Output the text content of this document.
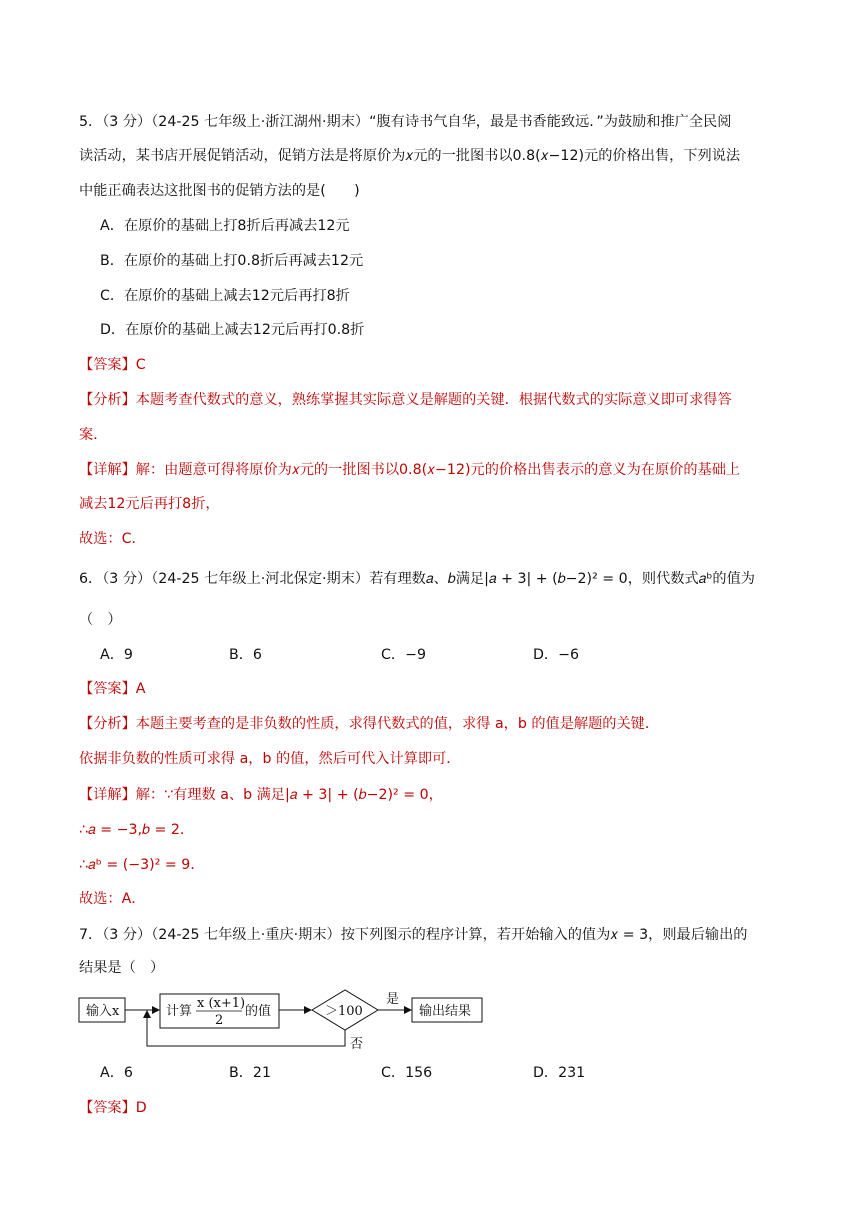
5．（3 分）（24-25 七年级上·浙江湖州·期末）“腹有诗书气自华，最是书香能致远．”为鼓励和推广全民阅
读活动，某书店开展促销活动，促销方法是将原价为𝑥元的一批图书以0.8(𝑥−12)元的价格出售，下列说法
中能正确表达这批图书的促销方法的是(　　)
A．在原价的基础上打8折后再减去12元
B．在原价的基础上打0.8折后再减去12元
C．在原价的基础上减去12元后再打8折
D．在原价的基础上减去12元后再打0.8折
【答案】C
【分析】本题考查代数式的意义，熟练掌握其实际意义是解题的关键．根据代数式的实际意义即可求得答
案．
【详解】解：由题意可得将原价为𝑥元的一批图书以0.8(𝑥−12)元的价格出售表示的意义为在原价的基础上
减去12元后再打8折，
故选：C．
6．（3 分）（24-25 七年级上·河北保定·期末）若有理数𝑎、𝑏满足|𝑎 + 3| + (𝑏−2)² = 0，则代数式𝑎ᵇ的值为
（　）
A．9	B．6	C．−9	D．−6
【答案】A
【分析】本题主要考查的是非负数的性质，求得代数式的值，求得 a，b 的值是解题的关键．
依据非负数的性质可求得 a，b 的值，然后可代入计算即可．
【详解】解：∵有理数 a、b 满足|𝑎 + 3| + (𝑏−2)² = 0，
∴𝑎 = −3,𝑏 = 2．
∴𝑎ᵇ = (−3)² = 9．
故选：A．
7．（3 分）（24-25 七年级上·重庆·期末）按下列图示的程序计算，若开始输入的值为𝑥 = 3，则最后输出的
结果是（　）
输入x	计算
x (x+1)
2
的值	＞100
是
输出结果
否
A．6	B．21	C．156	D．231
【答案】D
